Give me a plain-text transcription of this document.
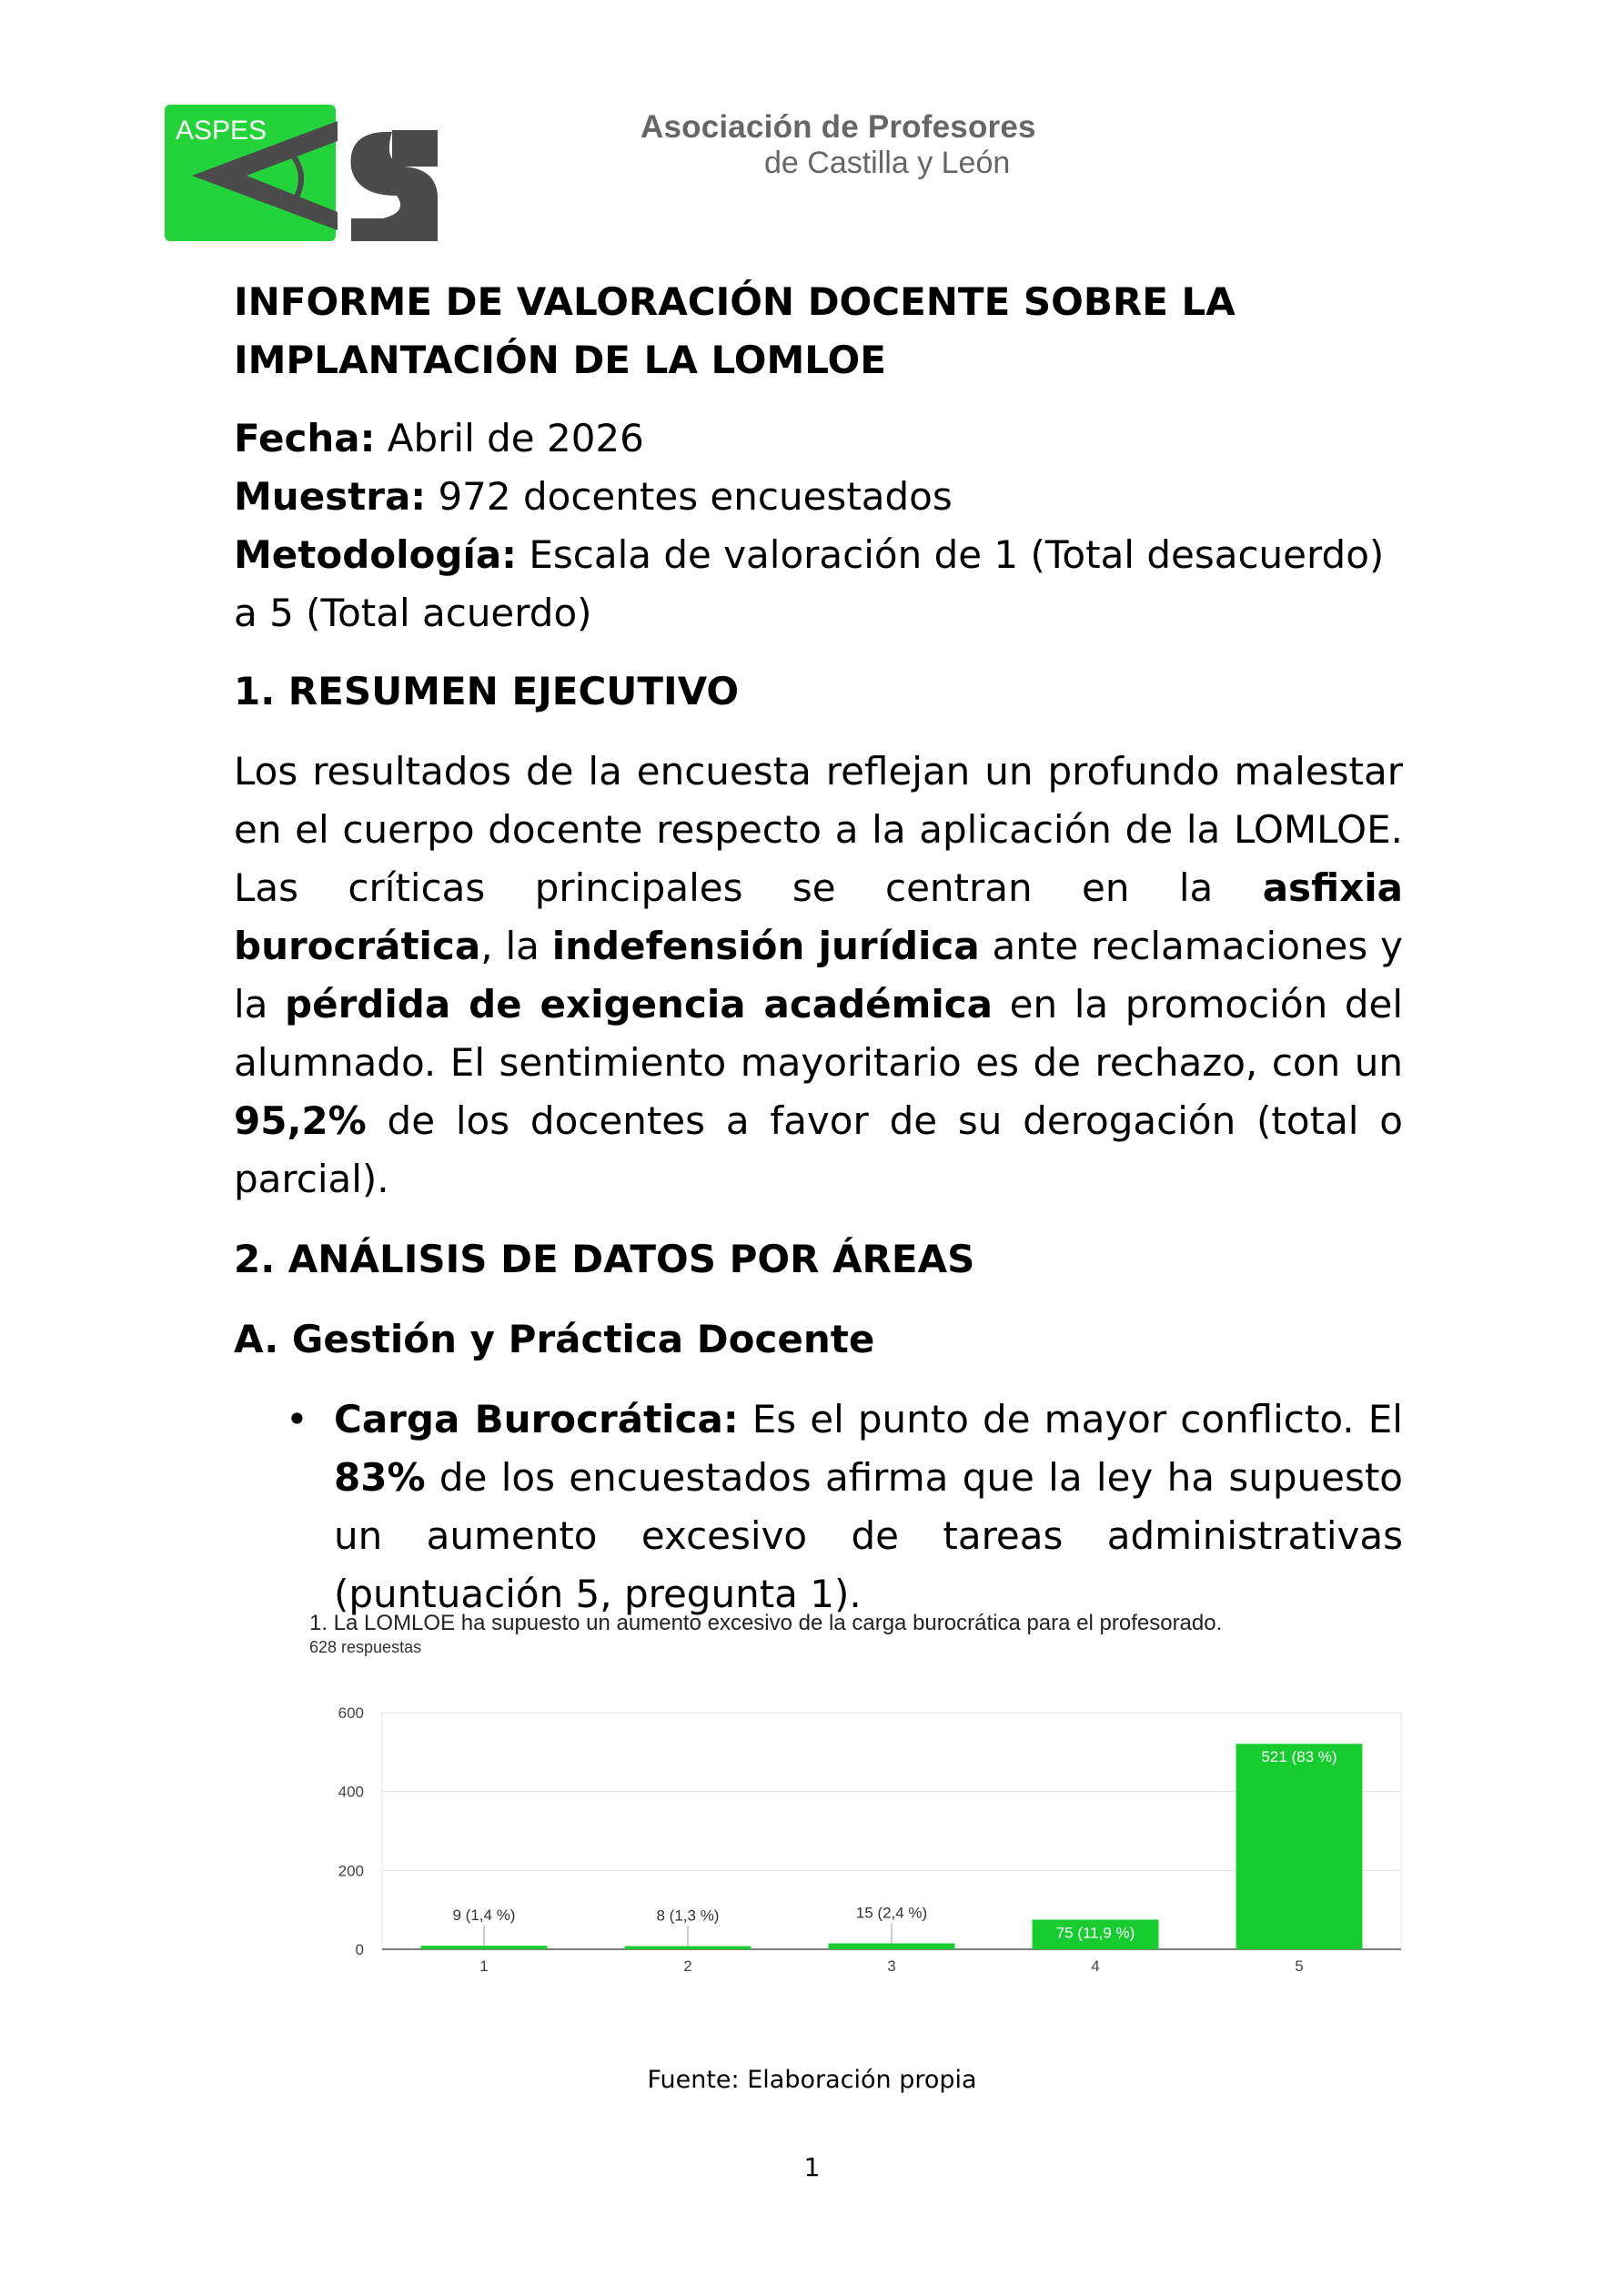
ASPES	Asociación de Profesores
de Castilla y León
INFORME DE VALORACIÓN DOCENTE SOBRE LA IMPLANTACIÓN DE LA LOMLOE

Fecha: Abril de 2026

Muestra: 972 docentes encuestados

Metodología: Escala de valoración de 1 (Total desacuerdo) a 5 (Total acuerdo)

1. RESUMEN EJECUTIVO

Los resultados de la encuesta reflejan un profundo malestar en el cuerpo docente respecto a la aplicación de la LOMLOE. Las críticas principales se centran en la asfixia burocrática, la indefensión jurídica ante reclamaciones y la pérdida de exigencia académica en la promoción del alumnado. El sentimiento mayoritario es de rechazo, con un 95,2% de los docentes a favor de su derogación (total o parcial).

2. ANÁLISIS DE DATOS POR ÁREAS
A. Gestión y Práctica Docente
• Carga Burocrática: Es el punto de mayor conflicto. El 83% de los encuestados afirma que la ley ha supuesto un aumento excesivo de tareas administrativas (puntuación 5, pregunta 1).
0
200
400
600
1
9 (1,4 %)
2
8 (1,3 %)
3
15 (2,4 %)
4
75 (11,9 %)
5
521 (83 %)
1. La LOMLOE ha supuesto un aumento excesivo de la carga burocrática para el profesorado.
628 respuestas
Fuente: Elaboración propia
1
